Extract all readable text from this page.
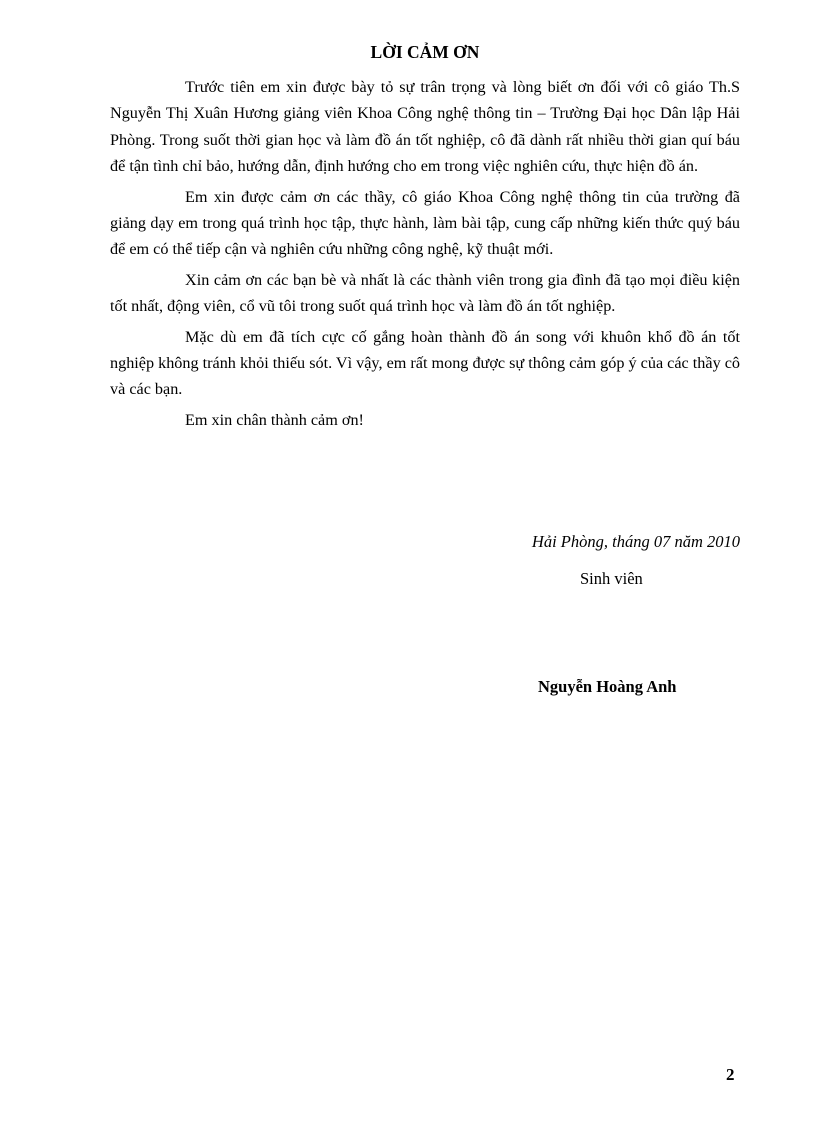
LỜI CẢM ƠN

Trước tiên em xin được bày tỏ sự trân trọng và lòng biết ơn đối với cô giáo Th.S Nguyễn Thị Xuân Hương giảng viên Khoa Công nghệ thông tin – Trường Đại học Dân lập Hải Phòng. Trong suốt thời gian học và làm đồ án tốt nghiệp, cô đã dành rất nhiều thời gian quí báu để tận tình chỉ bảo, hướng dẫn, định hướng cho em trong việc nghiên cứu, thực hiện đồ án.

Em xin được cảm ơn các thầy, cô giáo Khoa Công nghệ thông tin của trường đã giảng dạy em trong quá trình học tập, thực hành, làm bài tập, cung cấp những kiến thức quý báu để em có thể tiếp cận và nghiên cứu những công nghệ, kỹ thuật mới.

Xin cảm ơn các bạn bè và nhất là các thành viên trong gia đình đã tạo mọi điều kiện tốt nhất, động viên, cổ vũ tôi trong suốt quá trình học và làm đồ án tốt nghiệp.

Mặc dù em đã tích cực cố gắng hoàn thành đồ án song với khuôn khổ đồ án tốt nghiệp không tránh khỏi thiếu sót. Vì vậy, em rất mong được sự thông cảm góp ý của các thầy cô và các bạn.

Em xin chân thành cảm ơn!

Hải Phòng, tháng 07 năm 2010
Sinh viên
Nguyễn Hoàng Anh
2
